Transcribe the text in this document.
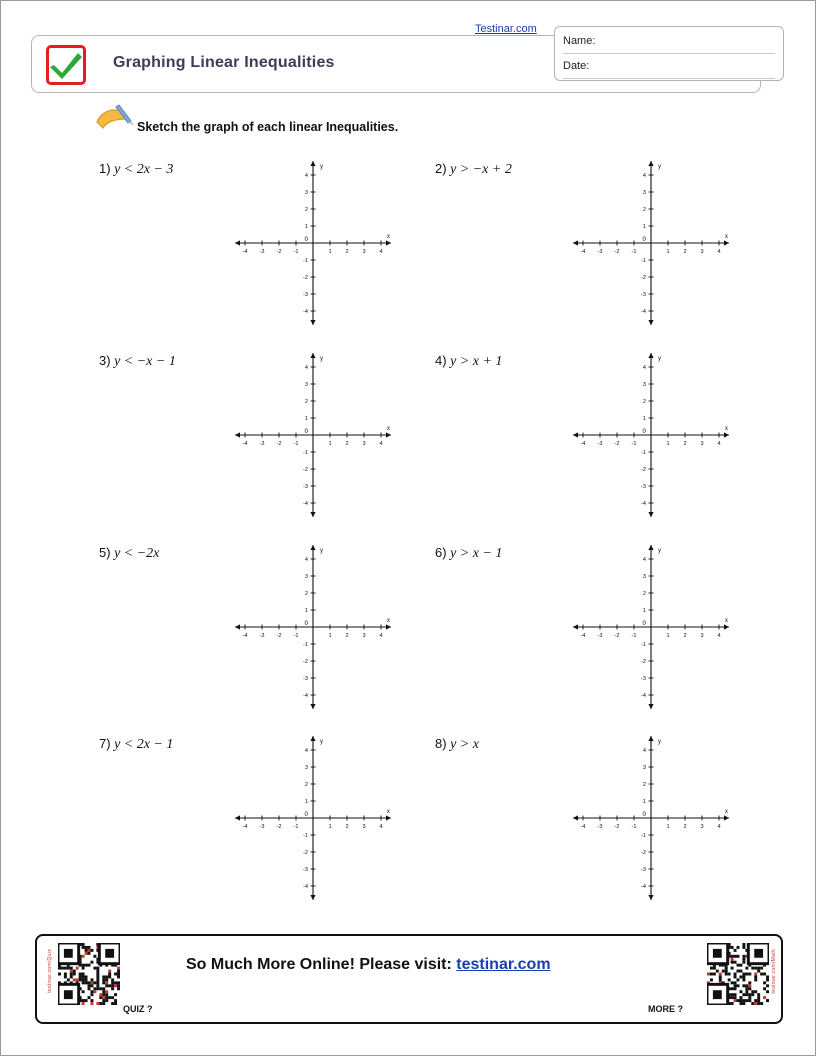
Testinar.com
Graphing Linear Inequalities
Name:
Date:
Sketch the graph of each linear Inequalities.
1) y < 2x − 3
-4
-4
-3
-3
-2
-2
-1
-1
1
1
2
2
3
3
4
4
0	x
y	2) y > −x + 2
-4
-4
-3
-3
-2
-2
-1
-1
1
1
2
2
3
3
4
4
0	x
y
3) y < −x − 1
-4
-4
-3
-3
-2
-2
-1
-1
1
1
2
2
3
3
4
4
0	x
y	4) y > x + 1
-4
-4
-3
-3
-2
-2
-1
-1
1
1
2
2
3
3
4
4
0	x
y
5) y < −2x
-4
-4
-3
-3
-2
-2
-1
-1
1
1
2
2
3
3
4
4
0	x
y	6) y > x − 1
-4
-4
-3
-3
-2
-2
-1
-1
1
1
2
2
3
3
4
4
0	x
y
7) y < 2x − 1
-4
-4
-3
-3
-2
-2
-1
-1
1
1
2
2
3
3
4
4
0	x
y	8) y > x
-4
-4
-3
-3
-2
-2
-1
-1
1
1
2
2
3
3
4
4
0	x
y
testinar.com/Quiz	testinar.com/Math
So Much More Online! Please visit: testinar.com
QUIZ ?	MORE ?
